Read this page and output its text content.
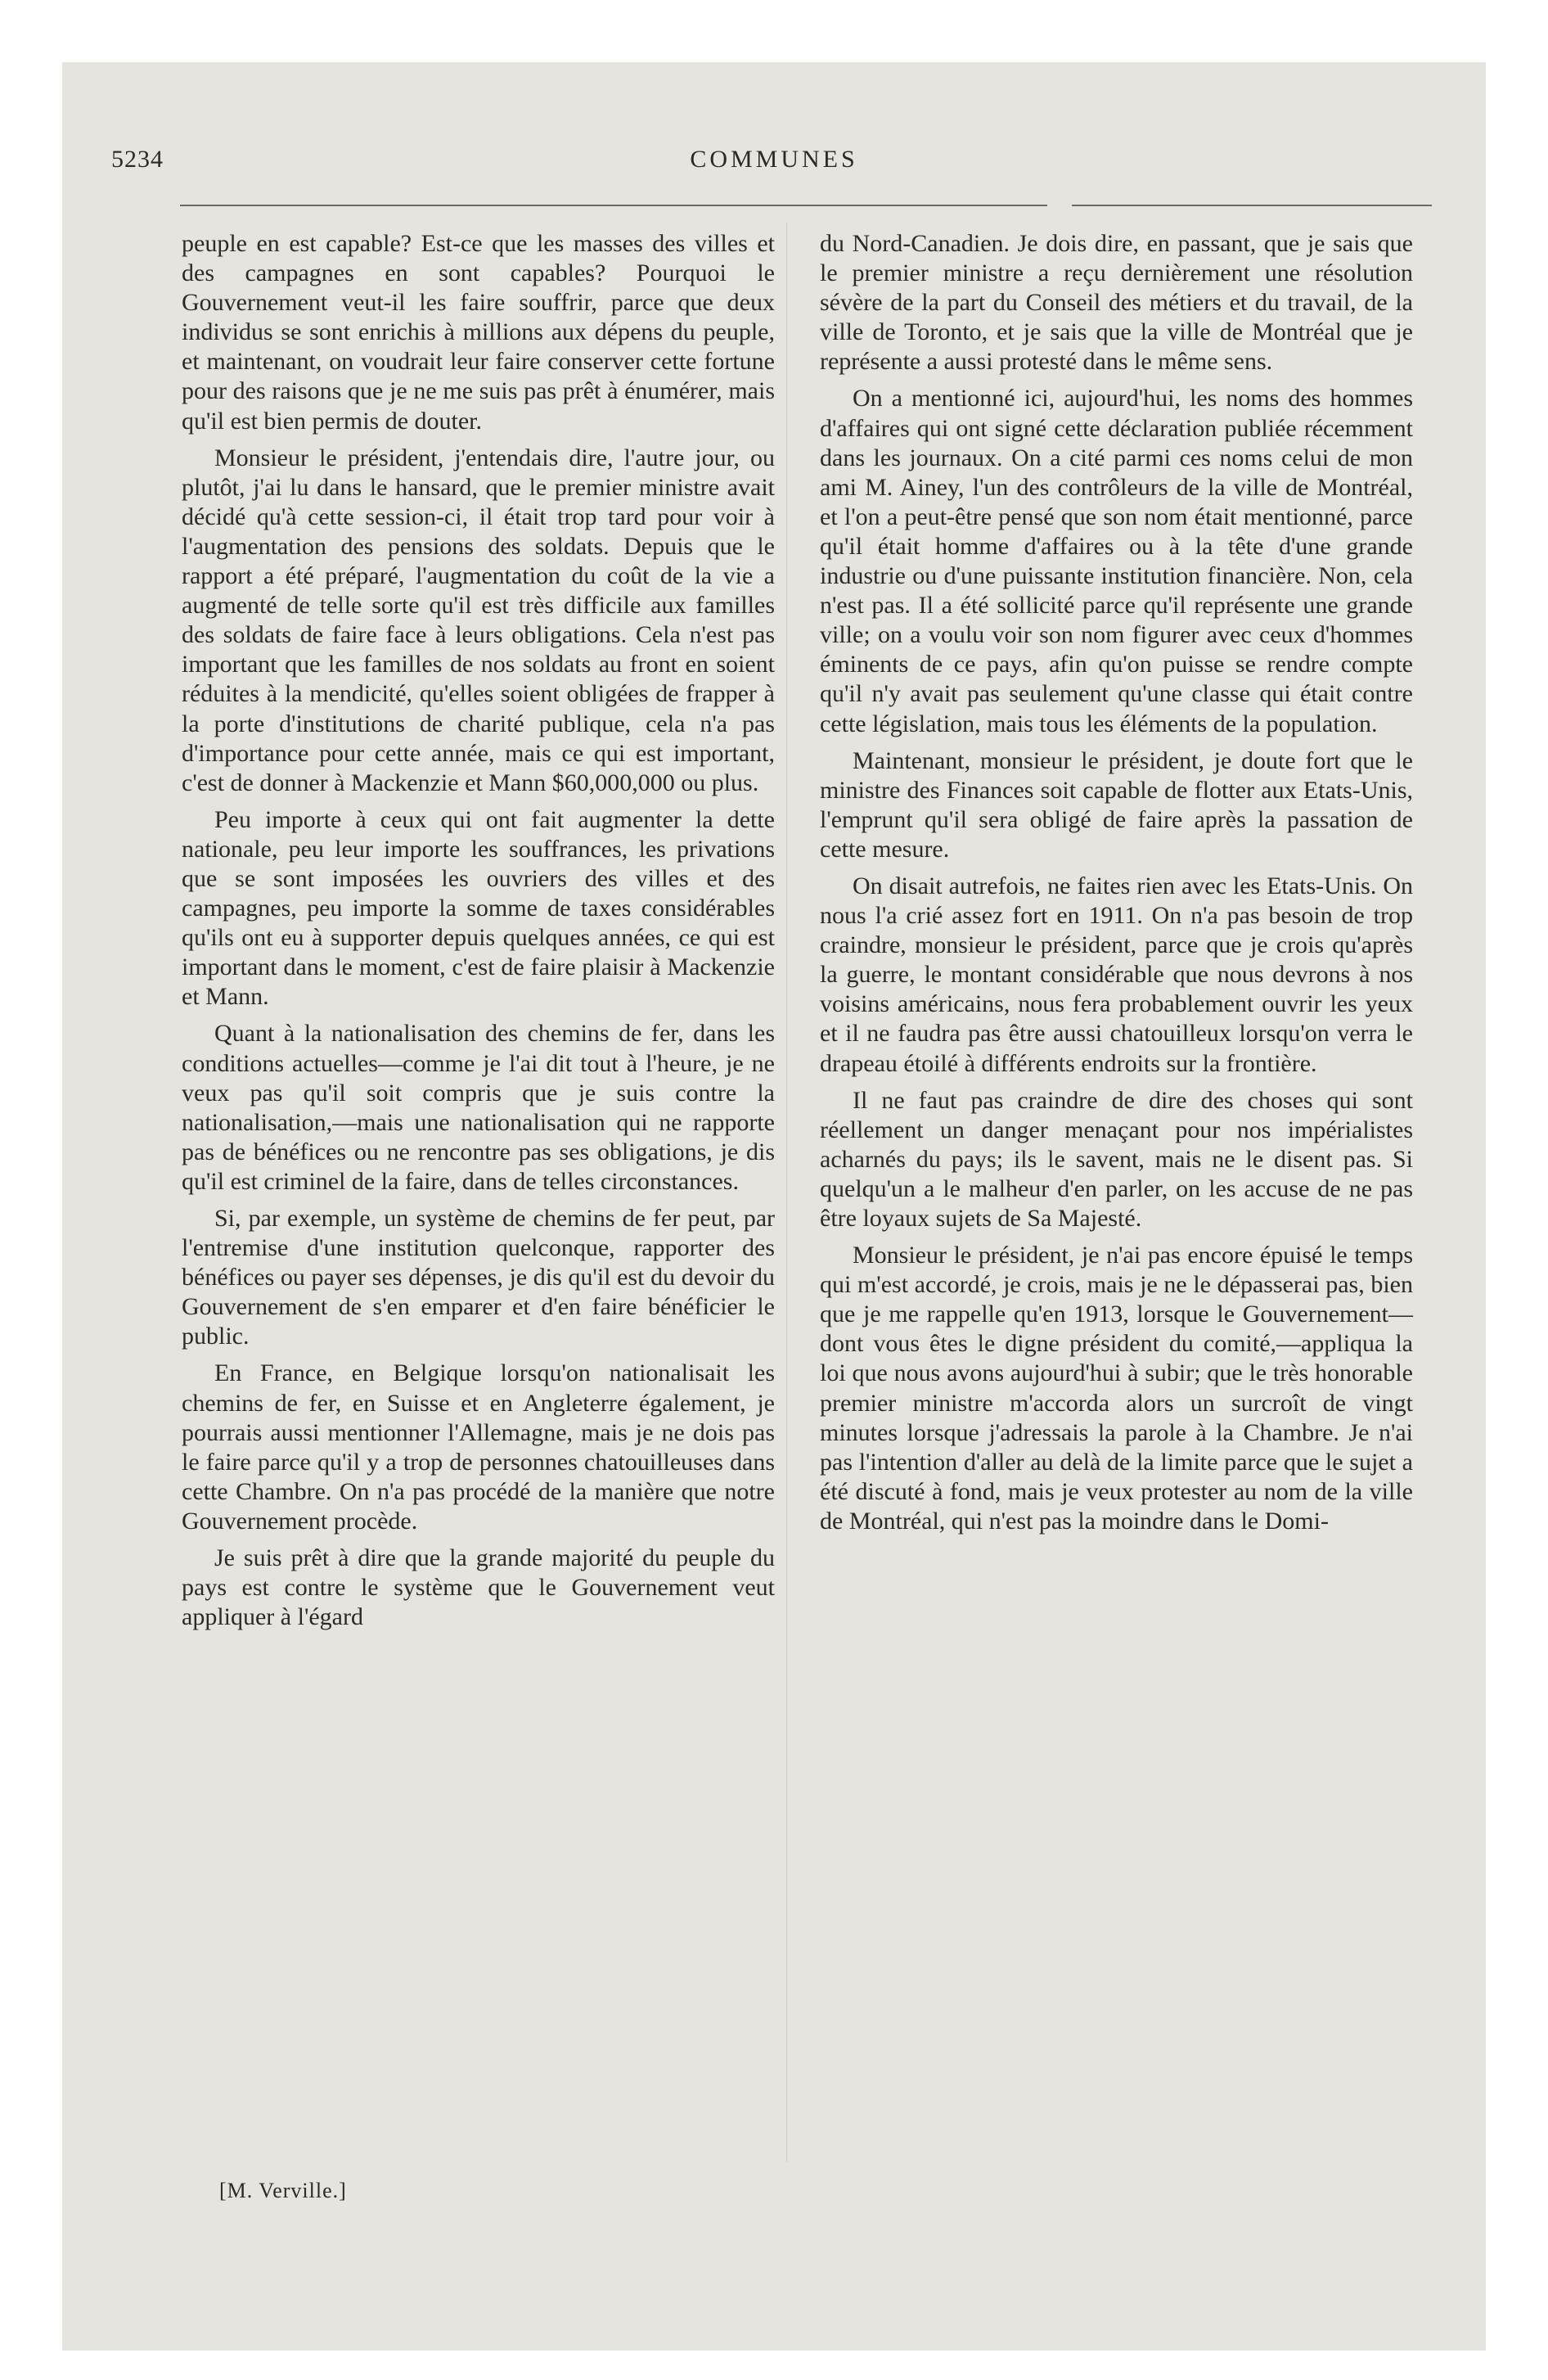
5234	COMMUNES

peuple en est capable? Est-ce que les masses des villes et des campagnes en sont capables? Pourquoi le Gouvernement veut-il les faire souffrir, parce que deux individus se sont enrichis à millions aux dépens du peuple, et maintenant, on voudrait leur faire conserver cette fortune pour des raisons que je ne me suis pas prêt à énumérer, mais qu'il est bien permis de douter.

Monsieur le président, j'entendais dire, l'autre jour, ou plutôt, j'ai lu dans le hansard, que le premier ministre avait décidé qu'à cette session-ci, il était trop tard pour voir à l'augmentation des pensions des soldats. Depuis que le rapport a été préparé, l'augmentation du coût de la vie a augmenté de telle sorte qu'il est très difficile aux familles des soldats de faire face à leurs obligations. Cela n'est pas important que les familles de nos soldats au front en soient réduites à la mendicité, qu'elles soient obligées de frapper à la porte d'institutions de charité publique, cela n'a pas d'importance pour cette année, mais ce qui est important, c'est de donner à Mackenzie et Mann $60,000,000 ou plus.

Peu importe à ceux qui ont fait augmenter la dette nationale, peu leur importe les souffrances, les privations que se sont imposées les ouvriers des villes et des campagnes, peu importe la somme de taxes considérables qu'ils ont eu à supporter depuis quelques années, ce qui est important dans le moment, c'est de faire plaisir à Mackenzie et Mann.

Quant à la nationalisation des chemins de fer, dans les conditions actuelles—comme je l'ai dit tout à l'heure, je ne veux pas qu'il soit compris que je suis contre la nationalisation,—mais une nationalisation qui ne rapporte pas de bénéfices ou ne rencontre pas ses obligations, je dis qu'il est criminel de la faire, dans de telles circonstances.

Si, par exemple, un système de chemins de fer peut, par l'entremise d'une institution quelconque, rapporter des bénéfices ou payer ses dépenses, je dis qu'il est du devoir du Gouvernement de s'en emparer et d'en faire bénéficier le public.

En France, en Belgique lorsqu'on nationalisait les chemins de fer, en Suisse et en Angleterre également, je pourrais aussi mentionner l'Allemagne, mais je ne dois pas le faire parce qu'il y a trop de personnes chatouilleuses dans cette Chambre. On n'a pas procédé de la manière que notre Gouvernement procède.

Je suis prêt à dire que la grande majorité du peuple du pays est contre le système que le Gouvernement veut appliquer à l'égard

du Nord-Canadien. Je dois dire, en passant, que je sais que le premier ministre a reçu dernièrement une résolution sévère de la part du Conseil des métiers et du travail, de la ville de Toronto, et je sais que la ville de Montréal que je représente a aussi protesté dans le même sens.

On a mentionné ici, aujourd'hui, les noms des hommes d'affaires qui ont signé cette déclaration publiée récemment dans les journaux. On a cité parmi ces noms celui de mon ami M. Ainey, l'un des contrôleurs de la ville de Montréal, et l'on a peut-être pensé que son nom était mentionné, parce qu'il était homme d'affaires ou à la tête d'une grande industrie ou d'une puissante institution financière. Non, cela n'est pas. Il a été sollicité parce qu'il représente une grande ville; on a voulu voir son nom figurer avec ceux d'hommes éminents de ce pays, afin qu'on puisse se rendre compte qu'il n'y avait pas seulement qu'une classe qui était contre cette législation, mais tous les éléments de la population.

Maintenant, monsieur le président, je doute fort que le ministre des Finances soit capable de flotter aux Etats-Unis, l'emprunt qu'il sera obligé de faire après la passation de cette mesure.

On disait autrefois, ne faites rien avec les Etats-Unis. On nous l'a crié assez fort en 1911. On n'a pas besoin de trop craindre, monsieur le président, parce que je crois qu'après la guerre, le montant considérable que nous devrons à nos voisins américains, nous fera probablement ouvrir les yeux et il ne faudra pas être aussi chatouilleux lorsqu'on verra le drapeau étoilé à différents endroits sur la frontière.

Il ne faut pas craindre de dire des choses qui sont réellement un danger menaçant pour nos impérialistes acharnés du pays; ils le savent, mais ne le disent pas. Si quelqu'un a le malheur d'en parler, on les accuse de ne pas être loyaux sujets de Sa Majesté.

Monsieur le président, je n'ai pas encore épuisé le temps qui m'est accordé, je crois, mais je ne le dépasserai pas, bien que je me rappelle qu'en 1913, lorsque le Gouvernement—dont vous êtes le digne président du comité,—appliqua la loi que nous avons aujourd'hui à subir; que le très honorable premier ministre m'accorda alors un surcroît de vingt minutes lorsque j'adressais la parole à la Chambre. Je n'ai pas l'intention d'aller au delà de la limite parce que le sujet a été discuté à fond, mais je veux protester au nom de la ville de Montréal, qui n'est pas la moindre dans le Domi-

[M. Verville.]
